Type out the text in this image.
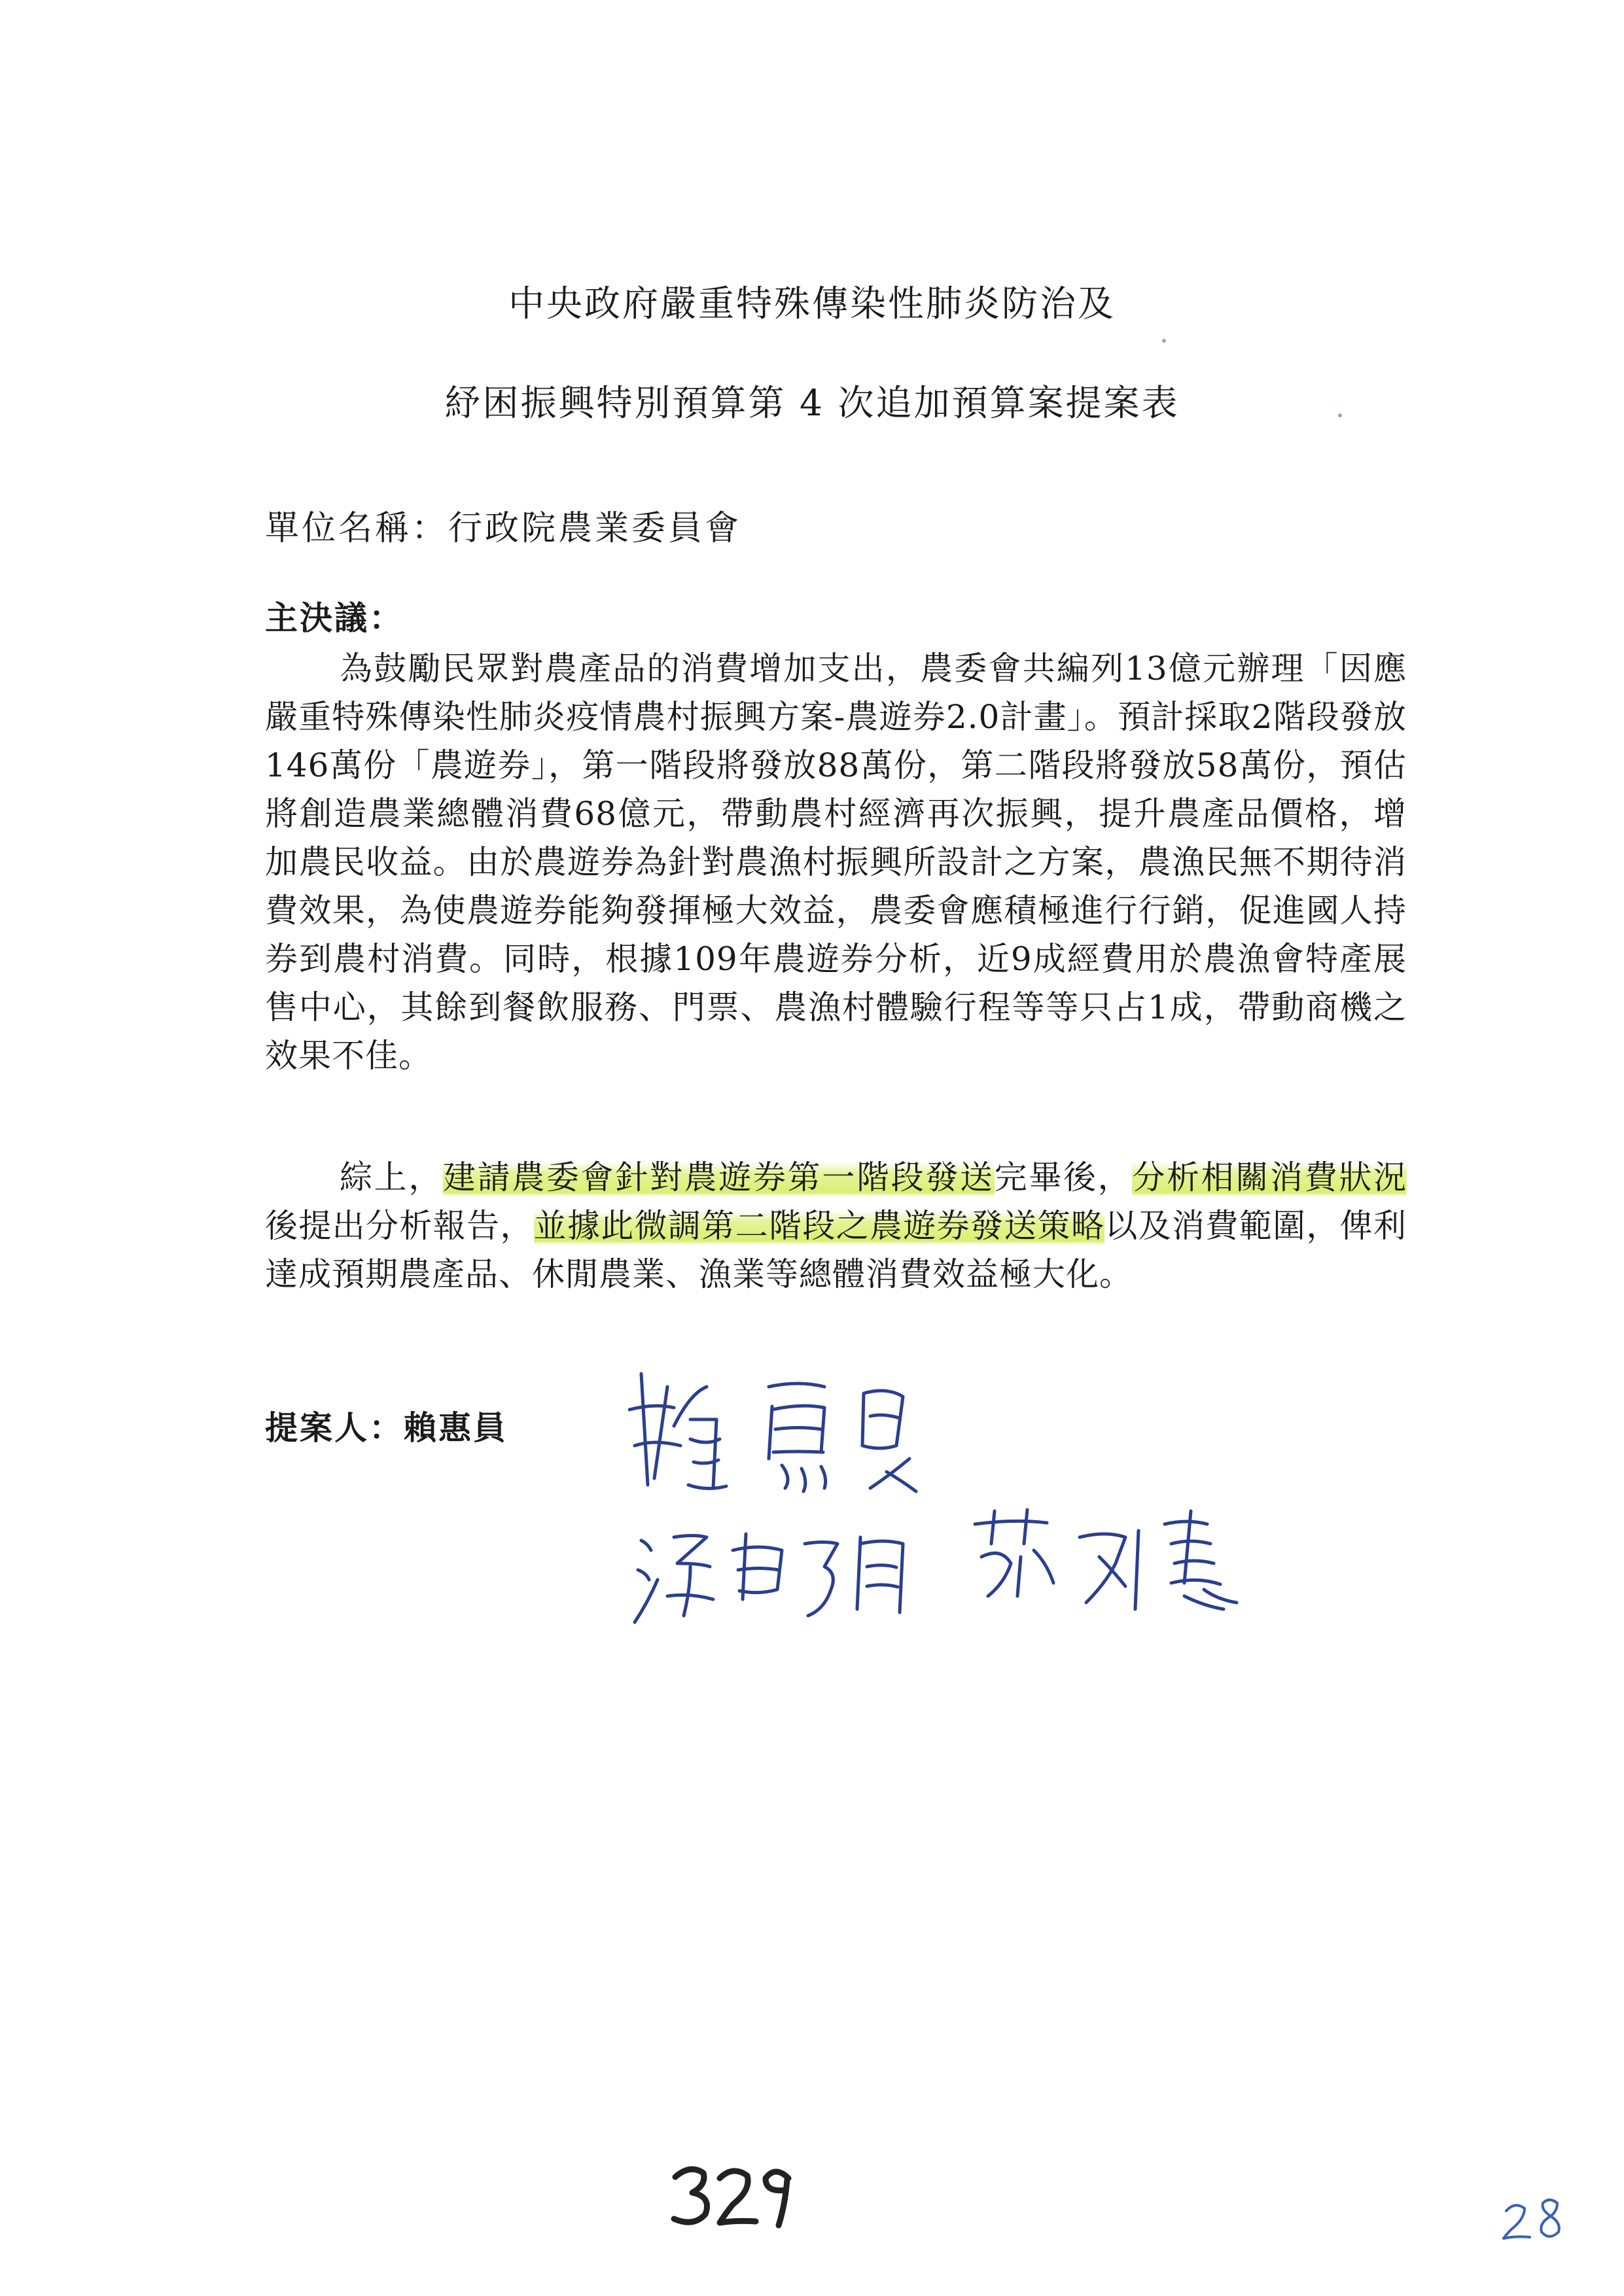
中央政府嚴重特殊傳染性肺炎防治及
紓困振興特別預算第 4 次追加預算案提案表
單位名稱：行政院農業委員會
主決議：
為鼓勵民眾對農產品的消費增加支出，農委會共編列13億元辦理「因應嚴重特殊傳染性肺炎疫情農村振興方案-農遊券2.0計畫」。預計採取2階段發放146萬份「農遊券」，第一階段將發放88萬份，第二階段將發放58萬份，預估將創造農業總體消費68億元，帶動農村經濟再次振興，提升農產品價格，增加農民收益。由於農遊券為針對農漁村振興所設計之方案，農漁民無不期待消費效果，為使農遊券能夠發揮極大效益，農委會應積極進行行銷，促進國人持券到農村消費。同時，根據109年農遊券分析，近9成經費用於農漁會特產展售中心，其餘到餐飲服務、門票、農漁村體驗行程等等只占1成，帶動商機之效果不佳。
綜上，建請農委會針對農遊券第一階段發送完畢後，分析相關消費狀況後提出分析報告，並據此微調第二階段之農遊券發送策略以及消費範圍，俾利達成預期農產品、休閒農業、漁業等總體消費效益極大化。
提案人：賴惠員
